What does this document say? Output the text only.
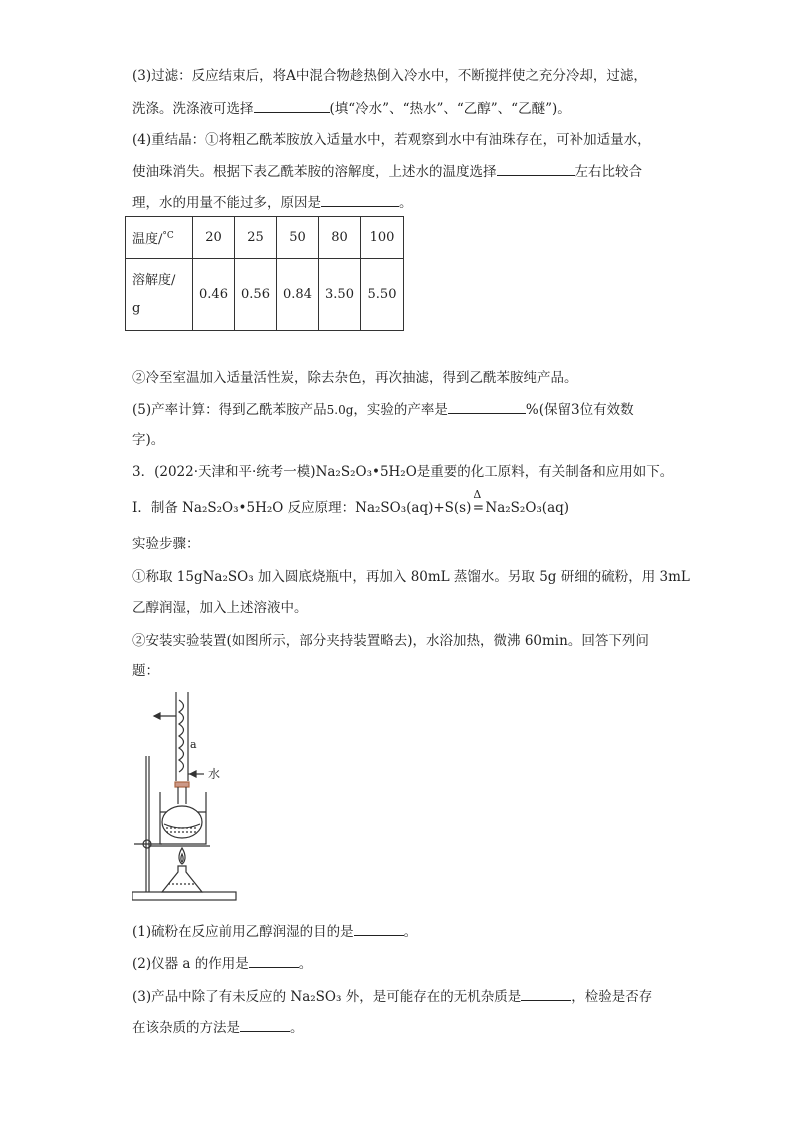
(3)过滤：反应结束后，将A中混合物趁热倒入冷水中，不断搅拌使之充分冷却，过滤，
洗涤。洗涤液可选择	(填“冷水”、“热水”、“乙醇”、“乙醚”)。
(4)重结晶：①将粗乙酰苯胺放入适量水中，若观察到水中有油珠存在，可补加适量水，
使油珠消失。根据下表乙酰苯胺的溶解度，上述水的温度选择	左右比较合
理，水的用量不能过多，原因是	。
温度/$^{^\circ C}$	20	25	50	80	100
溶解度/
g	0.46	0.56	0.84	3.50	5.50
②冷至室温加入适量活性炭，除去杂色，再次抽滤，得到乙酰苯胺纯产品。
(5)产率计算：得到乙酰苯胺产品5.0g，实验的产率是	%(保留3位有效数
字)。
3．(2022·天津和平·统考一模)Na₂S₂O₃•5H₂O是重要的化工原料，有关制备和应用如下。
Ⅰ．制备 Na₂S₂O₃•5H₂O 反应原理：Na₂SO₃(aq)+S(s)
Δ
=Na₂S₂O₃(aq)
实验步骤：
①称取 15gNa₂SO₃ 加入圆底烧瓶中，再加入 80mL 蒸馏水。另取 5g 研细的硫粉，用 3mL
乙醇润湿，加入上述溶液中。
②安装实验装置(如图所示，部分夹持装置略去)，水浴加热，微沸 60min。回答下列问
题：
a
水
(1)硫粉在反应前用乙醇润湿的目的是	。
(2)仪器 a 的作用是	。
(3)产品中除了有未反应的 Na₂SO₃ 外，是可能存在的无机杂质是	，检验是否存
在该杂质的方法是	。
